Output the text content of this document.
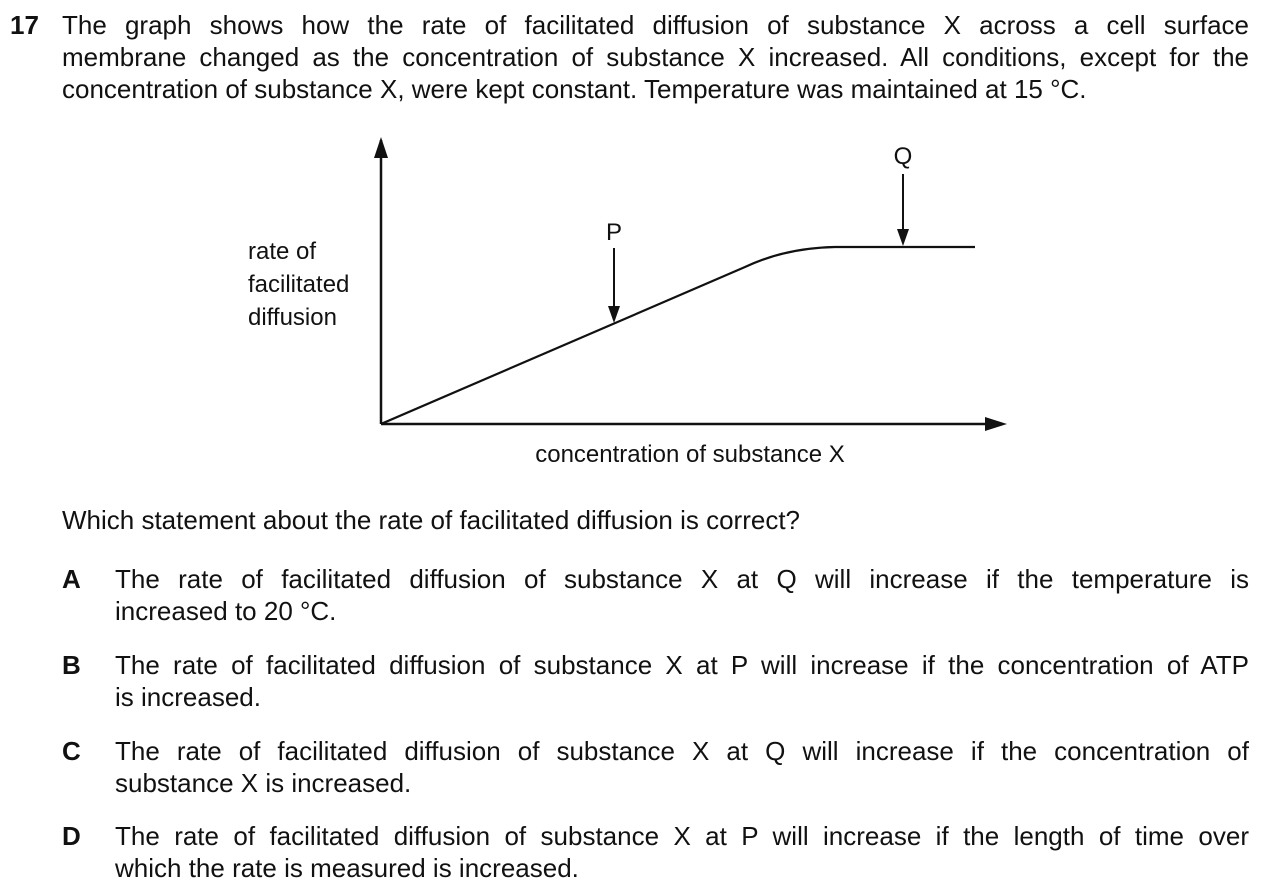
17 The graph shows how the rate of facilitated diffusion of substance X across a cell surface
membrane changed as the concentration of substance X increased. All conditions, except for the
concentration of substance X, were kept constant. Temperature was maintained at 15 °C.
P
Q
rate of facilitated diffusion
concentration of substance X

Which statement about the rate of facilitated diffusion is correct?

A The rate of facilitated diffusion of substance X at Q will increase if the temperature is
increased to 20 °C.
B The rate of facilitated diffusion of substance X at P will increase if the concentration of ATP
is increased.
C The rate of facilitated diffusion of substance X at Q will increase if the concentration of
substance X is increased.
D The rate of facilitated diffusion of substance X at P will increase if the length of time over
which the rate is measured is increased.
